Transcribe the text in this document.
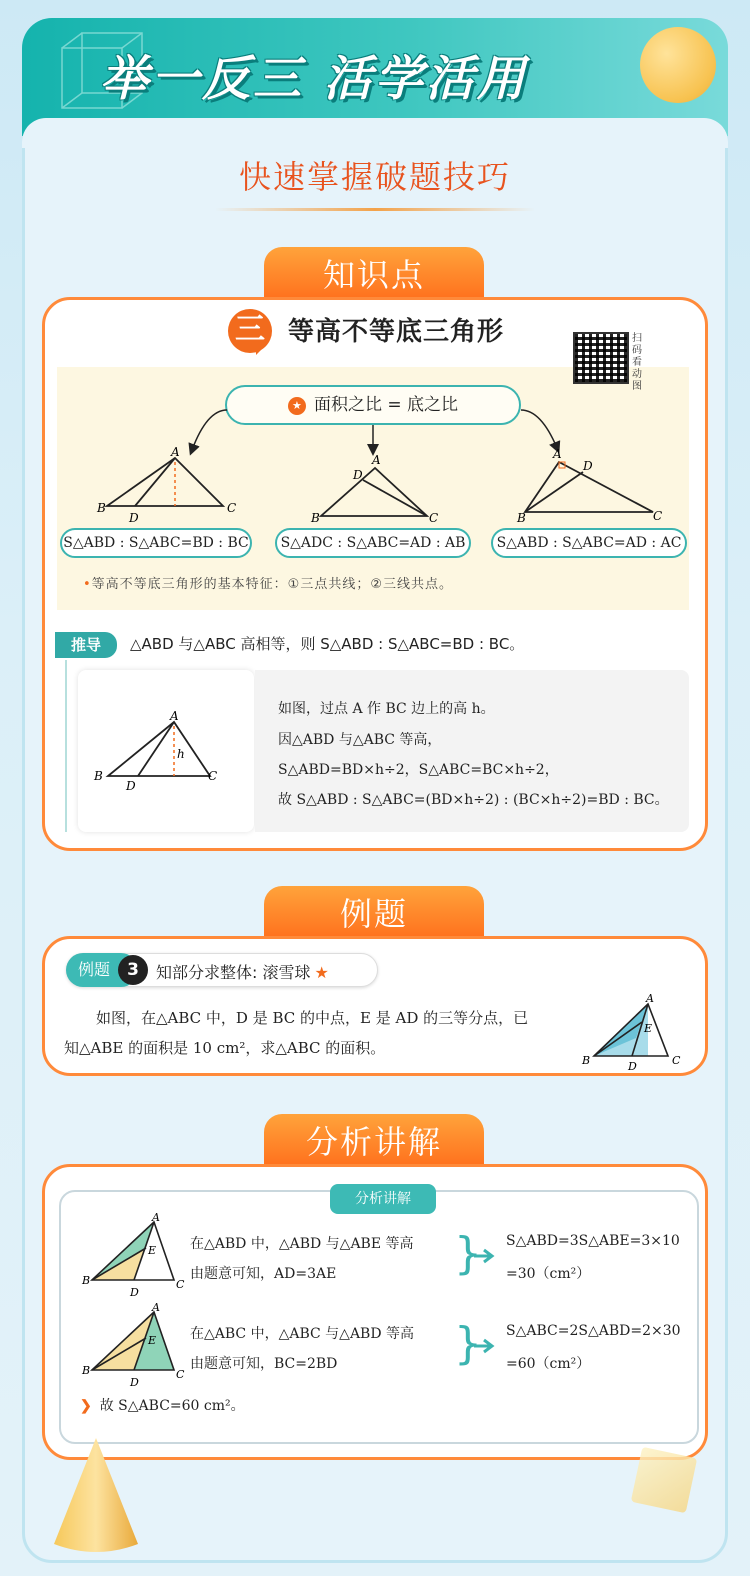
举一反三 活学活用
快速掌握破题技巧
知识点
三 等高不等底三角形	扫码看动图
★ 面积之比 = 底之比
A
B
D
C
A
D
B	C
A
D
B	C
S△ABD : S△ABC=BD : BC	S△ADC : S△ABC=AD : AB	S△ABD : S△ABC=AD : AC
•等高不等底三角形的基本特征：①三点共线；②三线共点。
推导	△ABD 与△ABC 高相等，则 S△ABD : S△ABC=BD : BC。
A
B
D
C
h
如图，过点 A 作 BC 边上的高 h。
因△ABD 与△ABC 等高，
S△ABD=BD×h÷2，S△ABC=BC×h÷2，
故 S△ABD : S△ABC=(BD×h÷2) : (BC×h÷2)=BD : BC。
例题
例题	3	知部分求整体: 滚雪球 ★
如图，在△ABC 中，D 是 BC 的中点，E 是 AD 的三等分点，已
知△ABE 的面积是 10 cm²，求△ABC 的面积。
A
E
B	D	C
分析讲解
分析讲解
A
E
B
D
C
在△ABD 中，△ABD 与△ABE 等高
由题意可知，AD=3AE	} S△ABD=3S△ABE=3×10
=30（cm²）
A
E
B
D
C
在△ABC 中，△ABC 与△ABD 等高
由题意可知，BC=2BD	} S△ABC=2S△ABD=2×30
=60（cm²）
❯ 故 S△ABC=60 cm²。
